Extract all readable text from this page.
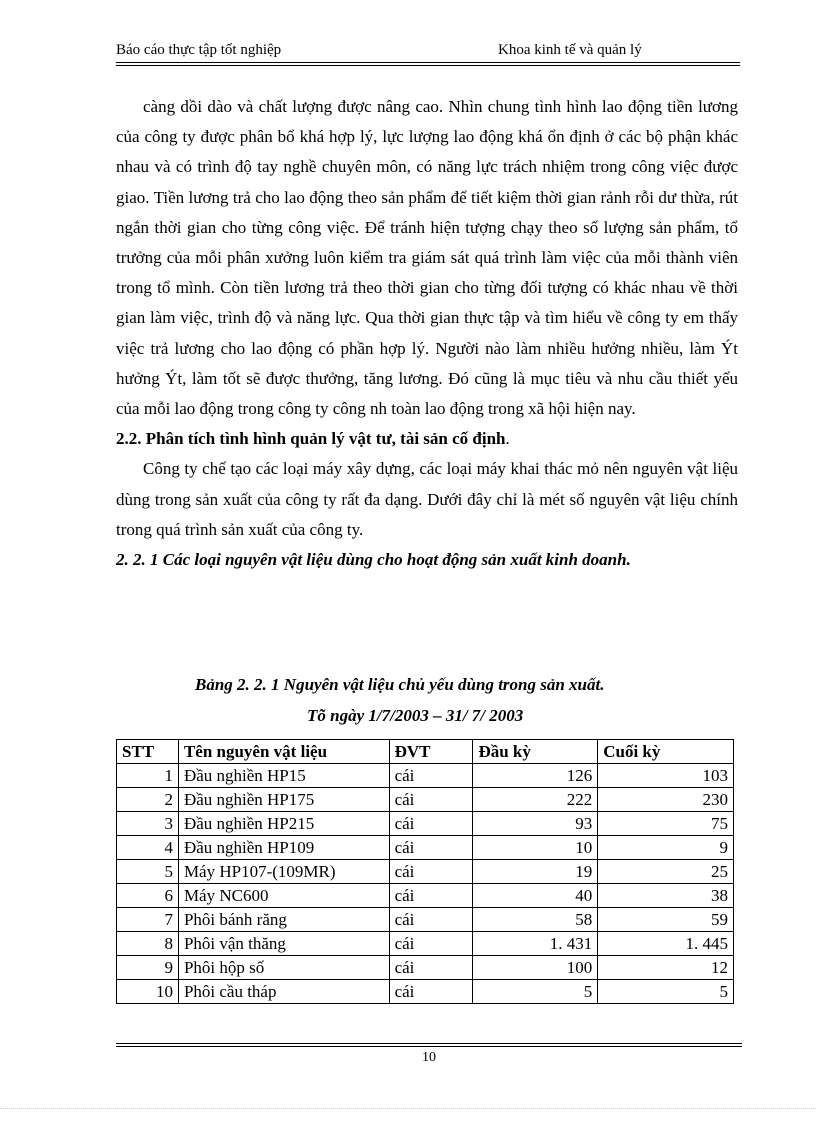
Báo cáo thực tập tốt nghiệp	Khoa kinh tế và quản lý

càng dồi dào và chất lượng được nâng cao. Nhìn chung tình hình lao động tiền lương của công ty được phân bổ khá hợp lý, lực lượng lao động khá ổn định ở các bộ phận khác nhau và có trình độ tay nghề chuyên môn, có năng lực trách nhiệm trong công việc được giao. Tiền lương trả cho lao động theo sản phẩm để tiết kiệm thời gian rảnh rỗi dư thừa, rút ngắn thời gian cho từng công việc. Để tránh hiện tượng chạy theo số lượng sản phẩm, tổ trưởng của mỗi phân xưởng luôn kiểm tra giám sát quá trình làm việc của mỗi thành viên trong tổ mình. Còn tiền lương trả theo thời gian cho từng đối tượng có khác nhau về thời gian làm việc, trình độ và năng lực. Qua thời gian thực tập và tìm hiểu về công ty em thấy việc trả lương cho lao động có phần hợp lý. Người nào làm nhiều hưởng nhiều, làm Ýt hưởng Ýt, làm tốt sẽ được thưởng, tăng lương. Đó cũng là mục tiêu và nhu cầu thiết yếu của mỗi lao động trong công ty công nh toàn lao động trong xã hội hiện nay.

2.2. Phân tích tình hình quản lý vật tư, tài sản cố định.

Công ty chế tạo các loại máy xây dựng, các loại máy khai thác mỏ nên nguyên vật liệu dùng trong sản xuất của công ty rất đa dạng. Dưới đây chỉ là mét số nguyên vật liệu chính trong quá trình sản xuất của công ty.

2. 2. 1 Các loại nguyên vật liệu dùng cho hoạt động sản xuất kinh doanh.

Bảng 2. 2. 1 Nguyên vật liệu chủ yếu dùng trong sản xuất.
Tõ ngày 1/7/2003 – 31/ 7/ 2003
STT	Tên nguyên vật liệu	ĐVT	Đầu kỳ	Cuối kỳ
1	Đầu nghiền HP15	cái	126	103
2	Đầu nghiền HP175	cái	222	230
3	Đầu nghiền HP215	cái	93	75
4	Đầu nghiền HP109	cái	10	9
5	Máy HP107-(109MR)	cái	19	25
6	Máy NC600	cái	40	38
7	Phôi bánh răng	cái	58	59
8	Phôi vận thăng	cái	1. 431	1. 445
9	Phôi hộp số	cái	100	12
10	Phôi cầu tháp	cái	5	5
10
